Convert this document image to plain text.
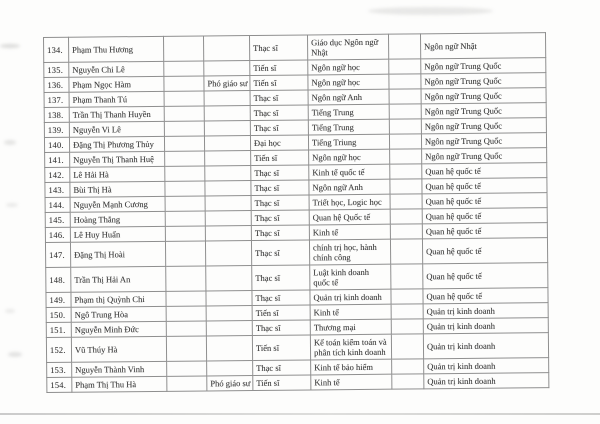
134.	Phạm Thu Hương			Thạc sĩ	Giáo dục Ngôn ngữ Nhật		Ngôn ngữ Nhật
135.	Nguyễn Chi Lê			Tiến sĩ	Ngôn ngữ học		Ngôn ngữ Trung Quốc
136.	Phạm Ngọc Hàm		Phó giáo sư	Tiến sĩ	Ngôn ngữ học		Ngôn ngữ Trung Quốc
137.	Phạm Thanh Tú			Thạc sĩ	Ngôn ngữ Anh		Ngôn ngữ Trung Quốc
138.	Trần Thị Thanh Huyền			Thạc sĩ	Tiếng Trung		Ngôn ngữ Trung Quốc
139.	Nguyễn Vi Lê			Thạc sĩ	Tiếng Trung		Ngôn ngữ Trung Quốc
140.	Đặng Thị Phương Thủy			Đại học	Tiếng Triung		Ngôn ngữ Trung Quốc
141.	Nguyễn Thị Thanh Huệ			Tiến sĩ	Ngôn ngữ học		Ngôn ngữ Trung Quốc
142.	Lê Hải Hà			Thạc sĩ	Kinh tế quốc tế		Quan hệ quốc tế
143.	Bùi Thị Hà			Thạc sĩ	Ngôn ngữ Anh		Quan hệ quốc tế
144.	Nguyễn Mạnh Cương			Thạc sĩ	Triết học, Logic học		Quan hệ quốc tế
145.	Hoàng Thắng			Thạc sĩ	Quan hệ Quốc tế		Quan hệ quốc tế
146.	Lê Huy Huấn			Thạc sĩ	Kinh tế		Quan hệ quốc tế
147.	Đặng Thị Hoài			Thạc sĩ	chính trị học, hành chính công		Quan hệ quốc tế
148.	Trần Thị Hải An			Thạc sĩ	Luật kinh doanh quốc tế		Quan hệ quốc tế
149.	Phạm thị Quỳnh Chi			Thạc sĩ	Quản trị kinh doanh		Quan hệ quốc tế
150.	Ngô Trung Hòa			Tiến sĩ	Kinh tế		Quản trị kinh doanh
151.	Nguyễn Minh Đức			Thạc sĩ	Thương mại		Quản trị kinh doanh
152.	Vũ Thúy Hà			Tiến sĩ	Kế toán kiểm toán và phân tích kinh doanh		Quản trị kinh doanh
153.	Nguyễn Thành Vinh			Thạc sĩ	Kinh tế bảo hiểm		Quản trị kinh doanh
154.	Phạm Thị Thu Hà		Phó giáo sư	Tiến sĩ	Kinh tế		Quản trị kinh doanh
